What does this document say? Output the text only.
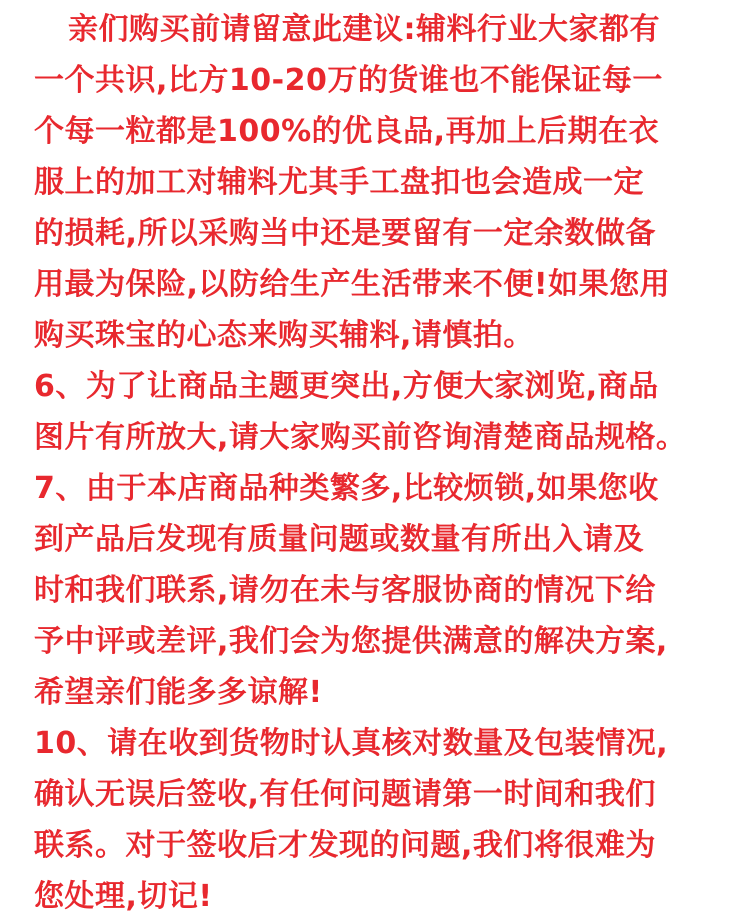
亲们购买前请留意此建议:辅料行业大家都有
一个共识,比方10-20万的货谁也不能保证每一
个每一粒都是100%的优良品,再加上后期在衣
服上的加工对辅料尤其手工盘扣也会造成一定
的损耗,所以采购当中还是要留有一定余数做备
用最为保险,以防给生产生活带来不便!如果您用
购买珠宝的心态来购买辅料,请慎拍。
6、为了让商品主题更突出,方便大家浏览,商品
图片有所放大,请大家购买前咨询清楚商品规格。
7、由于本店商品种类繁多,比较烦锁,如果您收
到产品后发现有质量问题或数量有所出入请及
时和我们联系,请勿在未与客服协商的情况下给
予中评或差评,我们会为您提供满意的解决方案,
希望亲们能多多谅解!
10、请在收到货物时认真核对数量及包装情况,
确认无误后签收,有任何问题请第一时间和我们
联系。对于签收后才发现的问题,我们将很难为
您处理,切记!
